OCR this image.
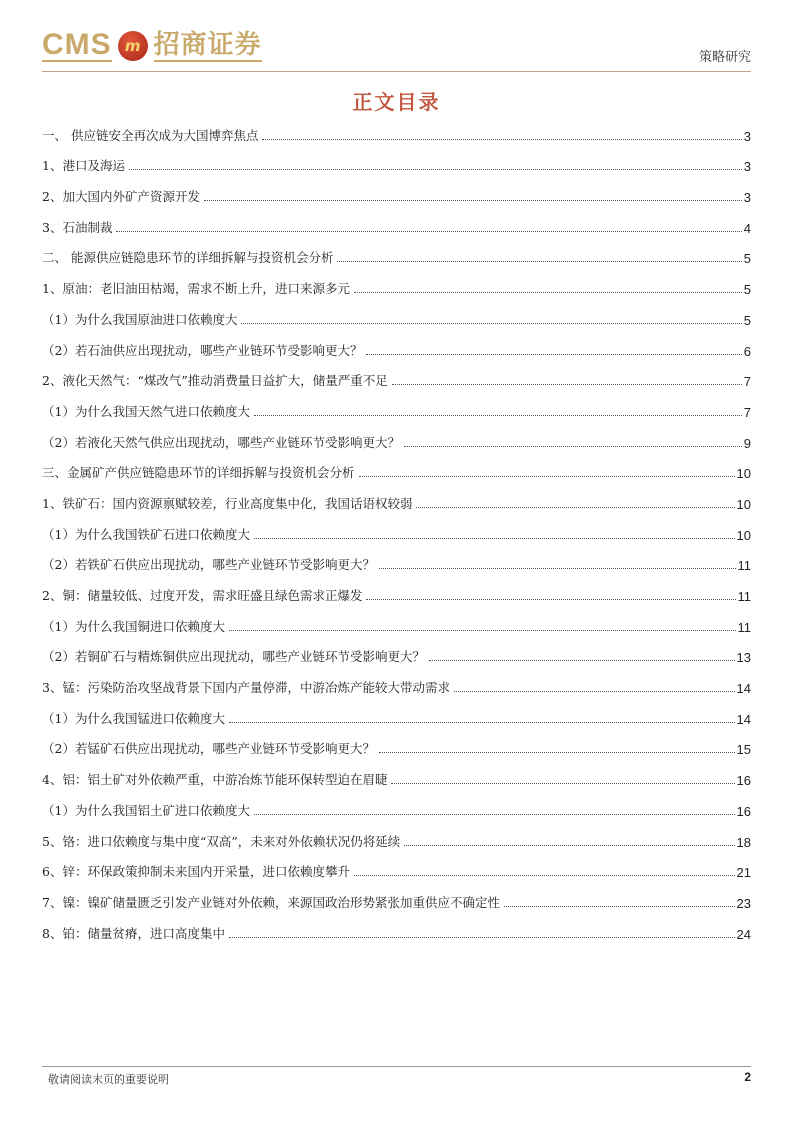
CMS m 招商证券	策略研究
正文目录
一、 供应链安全再次成为大国博弈焦点	3
1、港口及海运	3
2、加大国内外矿产资源开发	3
3、石油制裁	4
二、 能源供应链隐患环节的详细拆解与投资机会分析	5
1、原油：老旧油田枯竭，需求不断上升，进口来源多元	5
（1）为什么我国原油进口依赖度大	5
（2）若石油供应出现扰动，哪些产业链环节受影响更大？	6
2、液化天然气：“煤改气”推动消费量日益扩大，储量严重不足	7
（1）为什么我国天然气进口依赖度大	7
（2）若液化天然气供应出现扰动，哪些产业链环节受影响更大？	9
三、金属矿产供应链隐患环节的详细拆解与投资机会分析	10
1、铁矿石：国内资源禀赋较差，行业高度集中化，我国话语权较弱	10
（1）为什么我国铁矿石进口依赖度大	10
（2）若铁矿石供应出现扰动，哪些产业链环节受影响更大？	11
2、铜：储量较低、过度开发，需求旺盛且绿色需求正爆发	11
（1）为什么我国铜进口依赖度大	11
（2）若铜矿石与精炼铜供应出现扰动，哪些产业链环节受影响更大？	13
3、锰：污染防治攻坚战背景下国内产量停滞，中游冶炼产能较大带动需求	14
（1）为什么我国锰进口依赖度大	14
（2）若锰矿石供应出现扰动，哪些产业链环节受影响更大？	15
4、铝：铝土矿对外依赖严重，中游冶炼节能环保转型迫在眉睫	16
（1）为什么我国铝土矿进口依赖度大	16
5、铬：进口依赖度与集中度“双高”，未来对外依赖状况仍将延续	18
6、锌：环保政策抑制未来国内开采量，进口依赖度攀升	21
7、镍：镍矿储量匮乏引发产业链对外依赖，来源国政治形势紧张加重供应不确定性	23
8、铂：储量贫瘠，进口高度集中	24
敬请阅读末页的重要说明	2
